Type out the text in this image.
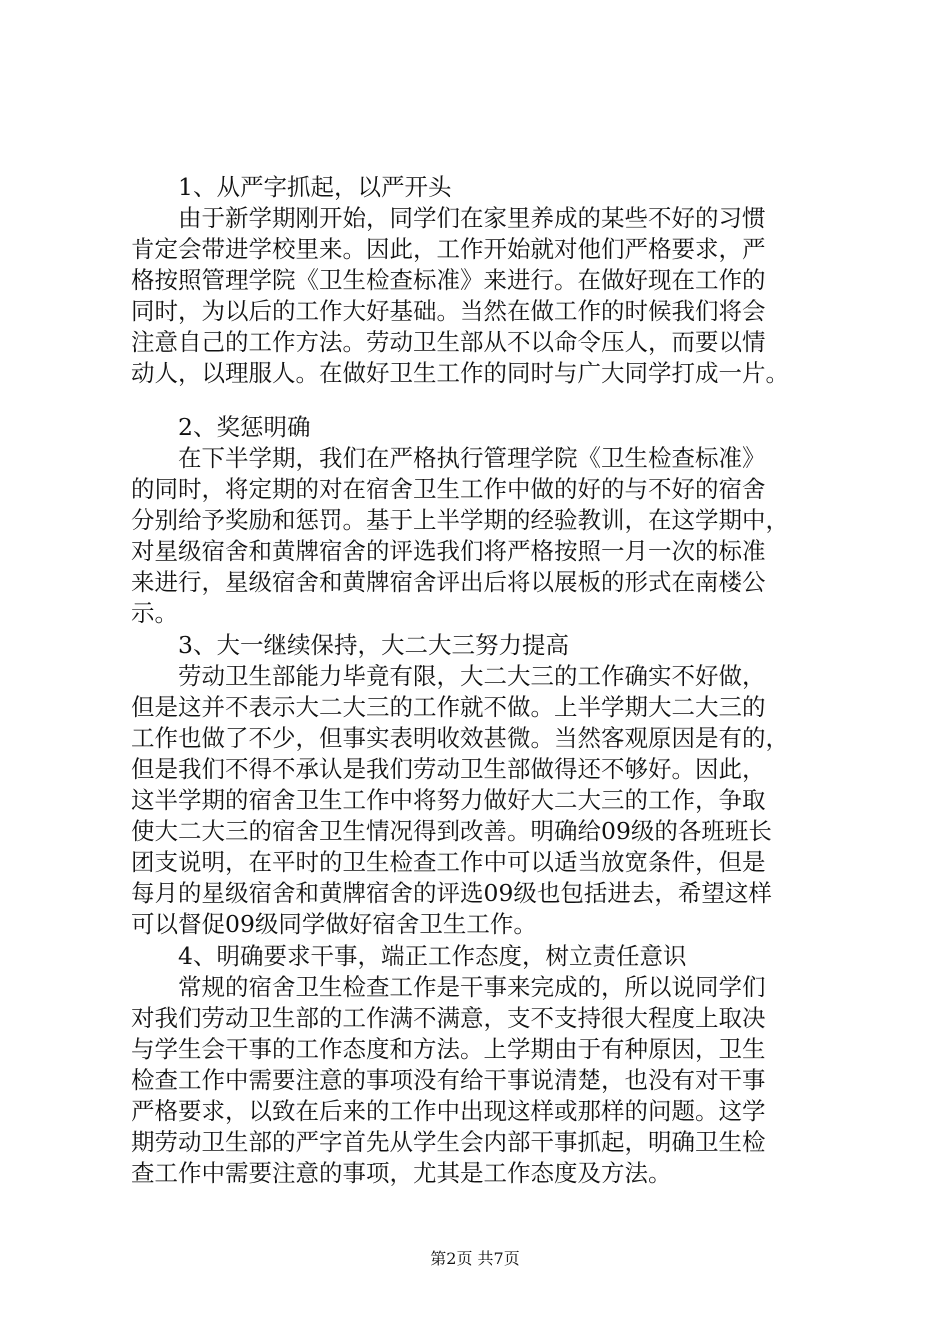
1、从严字抓起，以严开头
由于新学期刚开始，同学们在家里养成的某些不好的习惯
肯定会带进学校里来。因此，工作开始就对他们严格要求，严
格按照管理学院《卫生检查标准》来进行。在做好现在工作的
同时，为以后的工作大好基础。当然在做工作的时候我们将会
注意自己的工作方法。劳动卫生部从不以命令压人，而要以情
动人，以理服人。在做好卫生工作的同时与广大同学打成一片。
2、奖惩明确
在下半学期，我们在严格执行管理学院《卫生检查标准》
的同时，将定期的对在宿舍卫生工作中做的好的与不好的宿舍
分别给予奖励和惩罚。基于上半学期的经验教训，在这学期中，
对星级宿舍和黄牌宿舍的评选我们将严格按照一月一次的标准
来进行，星级宿舍和黄牌宿舍评出后将以展板的形式在南楼公
示。
3、大一继续保持，大二大三努力提高
劳动卫生部能力毕竟有限，大二大三的工作确实不好做，
但是这并不表示大二大三的工作就不做。上半学期大二大三的
工作也做了不少，但事实表明收效甚微。当然客观原因是有的，
但是我们不得不承认是我们劳动卫生部做得还不够好。因此，
这半学期的宿舍卫生工作中将努力做好大二大三的工作，争取
使大二大三的宿舍卫生情况得到改善。明确给09级的各班班长
团支说明，在平时的卫生检查工作中可以适当放宽条件，但是
每月的星级宿舍和黄牌宿舍的评选09级也包括进去，希望这样
可以督促09级同学做好宿舍卫生工作。
4、明确要求干事，端正工作态度，树立责任意识
常规的宿舍卫生检查工作是干事来完成的，所以说同学们
对我们劳动卫生部的工作满不满意，支不支持很大程度上取决
与学生会干事的工作态度和方法。上学期由于有种原因，卫生
检查工作中需要注意的事项没有给干事说清楚，也没有对干事
严格要求，以致在后来的工作中出现这样或那样的问题。这学
期劳动卫生部的严字首先从学生会内部干事抓起，明确卫生检
查工作中需要注意的事项，尤其是工作态度及方法。
第2页 共7页
